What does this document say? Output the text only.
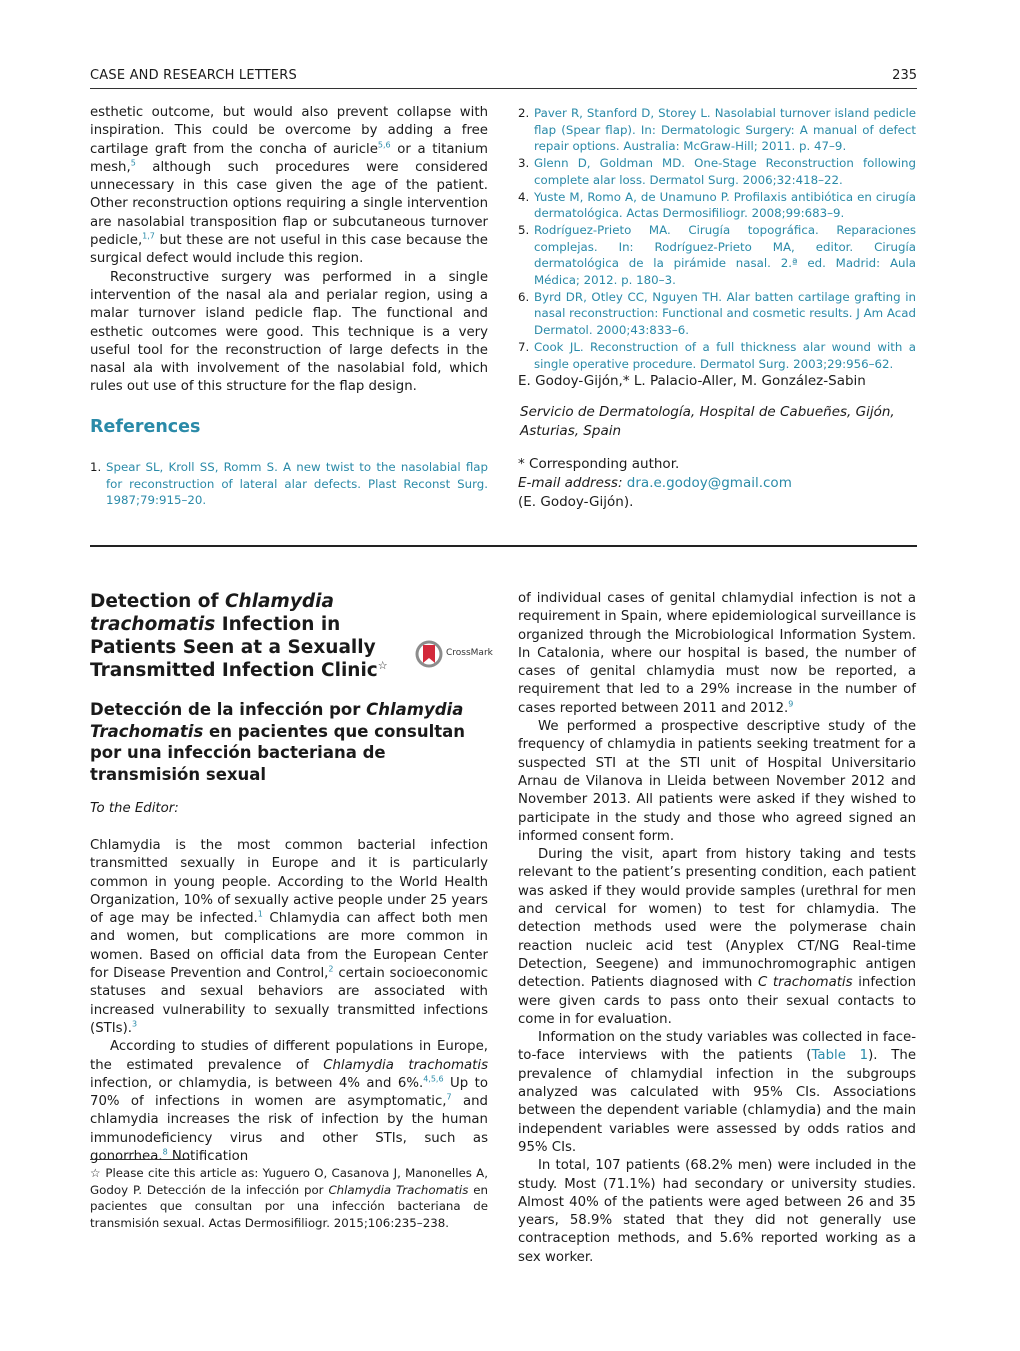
CASE AND RESEARCH LETTERS	235

esthetic outcome, but would also prevent collapse with inspiration. This could be overcome by adding a free cartilage graft from the concha of auricle$^{5,6}$ or a titanium mesh,$^5$ although such procedures were considered unnecessary in this case given the age of the patient. Other reconstruction options requiring a single intervention are nasolabial transposition flap or subcutaneous turnover pedicle,$^{1,7}$ but these are not useful in this case because the surgical defect would include this region.

Reconstructive surgery was performed in a single intervention of the nasal ala and perialar region, using a malar turnover island pedicle flap. The functional and esthetic outcomes were good. This technique is a very useful tool for the reconstruction of large defects in the nasal ala with involvement of the nasolabial fold, which rules out use of this structure for the flap design.

References
1. Spear SL, Kroll SS, Romm S. A new twist to the nasolabial flap for reconstruction of lateral alar defects. Plast Reconst Surg. 1987;79:915–20.
2. Paver R, Stanford D, Storey L. Nasolabial turnover island pedicle flap (Spear flap). In: Dermatologic Surgery: A manual of defect repair options. Australia: McGraw-Hill; 2011. p. 47–9.
3. Glenn D, Goldman MD. One-Stage Reconstruction following complete alar loss. Dermatol Surg. 2006;32:418–22.
4. Yuste M, Romo A, de Unamuno P. Profilaxis antibiótica en cirugía dermatológica. Actas Dermosifiliogr. 2008;99:683–9.
5. Rodríguez-Prieto MA. Cirugía topográfica. Reparaciones complejas. In: Rodríguez-Prieto MA, editor. Cirugía dermatológica de la pirámide nasal. 2.ª ed. Madrid: Aula Médica; 2012. p. 180–3.
6. Byrd DR, Otley CC, Nguyen TH. Alar batten cartilage grafting in nasal reconstruction: Functional and cosmetic results. J Am Acad Dermatol. 2000;43:833–6.
7. Cook JL. Reconstruction of a full thickness alar wound with a single operative procedure. Dermatol Surg. 2003;29:956–62.

E. Godoy-Gijón,* L. Palacio-Aller, M. González-Sabin

Servicio de Dermatología, Hospital de Cabueñes, Gijón, Asturias, Spain

* Corresponding author.

E-mail address: dra.e.godoy@gmail.com

(E. Godoy-Gijón).

Detection of Chlamydia trachomatis Infection in Patients Seen at a Sexually Transmitted Infection Clinic☆
CrossMark
Detección de la infección por Chlamydia Trachomatis en pacientes que consultan por una infección bacteriana de transmisión sexual
To the Editor:

Chlamydia is the most common bacterial infection transmitted sexually in Europe and it is particularly common in young people. According to the World Health Organization, 10% of sexually active people under 25 years of age may be infected.$^1$ Chlamydia can affect both men and women, but complications are more common in women. Based on official data from the European Center for Disease Prevention and Control,$^2$ certain socioeconomic statuses and sexual behaviors are associated with increased vulnerability to sexually transmitted infections (STIs).$^3$

According to studies of different populations in Europe, the estimated prevalence of Chlamydia trachomatis infection, or chlamydia, is between 4% and 6%.$^{4,5,6}$ Up to 70% of infections in women are asymptomatic,$^7$ and chlamydia increases the risk of infection by the human immunodeficiency virus and other STIs, such as gonorrhea.$^8$ Notification

☆ Please cite this article as: Yuguero O, Casanova J, Manonelles A, Godoy P. Detección de la infección por Chlamydia Trachomatis en pacientes que consultan por una infección bacteriana de transmisión sexual. Actas Dermosifiliogr. 2015;106:235–238.

of individual cases of genital chlamydial infection is not a requirement in Spain, where epidemiological surveillance is organized through the Microbiological Information System. In Catalonia, where our hospital is based, the number of cases of genital chlamydia must now be reported, a requirement that led to a 29% increase in the number of cases reported between 2011 and 2012.$^9$

We performed a prospective descriptive study of the frequency of chlamydia in patients seeking treatment for a suspected STI at the STI unit of Hospital Universitario Arnau de Vilanova in Lleida between November 2012 and November 2013. All patients were asked if they wished to participate in the study and those who agreed signed an informed consent form.

During the visit, apart from history taking and tests relevant to the patient’s presenting condition, each patient was asked if they would provide samples (urethral for men and cervical for women) to test for chlamydia. The detection methods used were the polymerase chain reaction nucleic acid test (Anyplex CT/NG Real-time Detection, Seegene) and immunochromographic antigen detection. Patients diagnosed with C trachomatis infection were given cards to pass onto their sexual contacts to come in for evaluation.

Information on the study variables was collected in face-to-face interviews with the patients (Table 1). The prevalence of chlamydial infection in the subgroups analyzed was calculated with 95% CIs. Associations between the dependent variable (chlamydia) and the main independent variables were assessed by odds ratios and 95% CIs.

In total, 107 patients (68.2% men) were included in the study. Most (71.1%) had secondary or university studies. Almost 40% of the patients were aged between 26 and 35 years, 58.9% stated that they did not generally use contraception methods, and 5.6% reported working as a sex worker.
